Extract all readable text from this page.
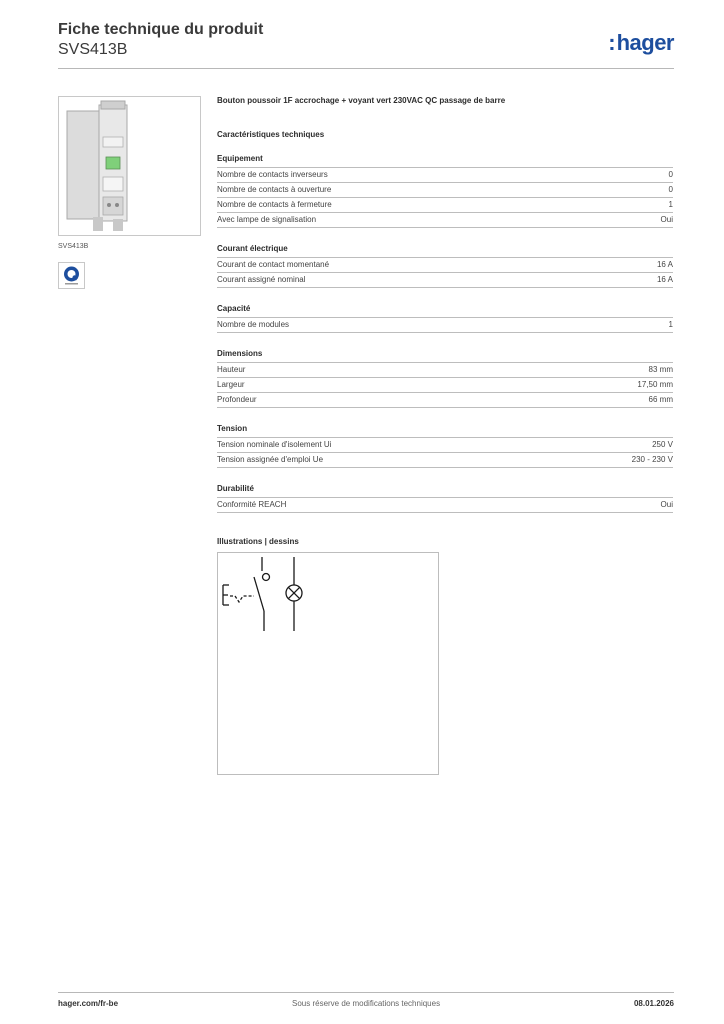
Fiche technique du produit
SVS413B	:hager
SVS413B
Bouton poussoir 1F accrochage + voyant vert 230VAC QC passage de barre
Caractéristiques techniques
Equipement
Nombre de contacts inverseurs	0
Nombre de contacts à ouverture	0
Nombre de contacts à fermeture	1
Avec lampe de signalisation	Oui
Courant électrique
Courant de contact momentané	16 A
Courant assigné nominal	16 A
Capacité
Nombre de modules	1
Dimensions
Hauteur	83 mm
Largeur	17,50 mm
Profondeur	66 mm
Tension
Tension nominale d'isolement Ui	250 V
Tension assignée d'emploi Ue	230 - 230 V
Durabilité
Conformité REACH	Oui
Illustrations | dessins
hager.com/fr-be	Sous réserve de modifications techniques	08.01.2026
